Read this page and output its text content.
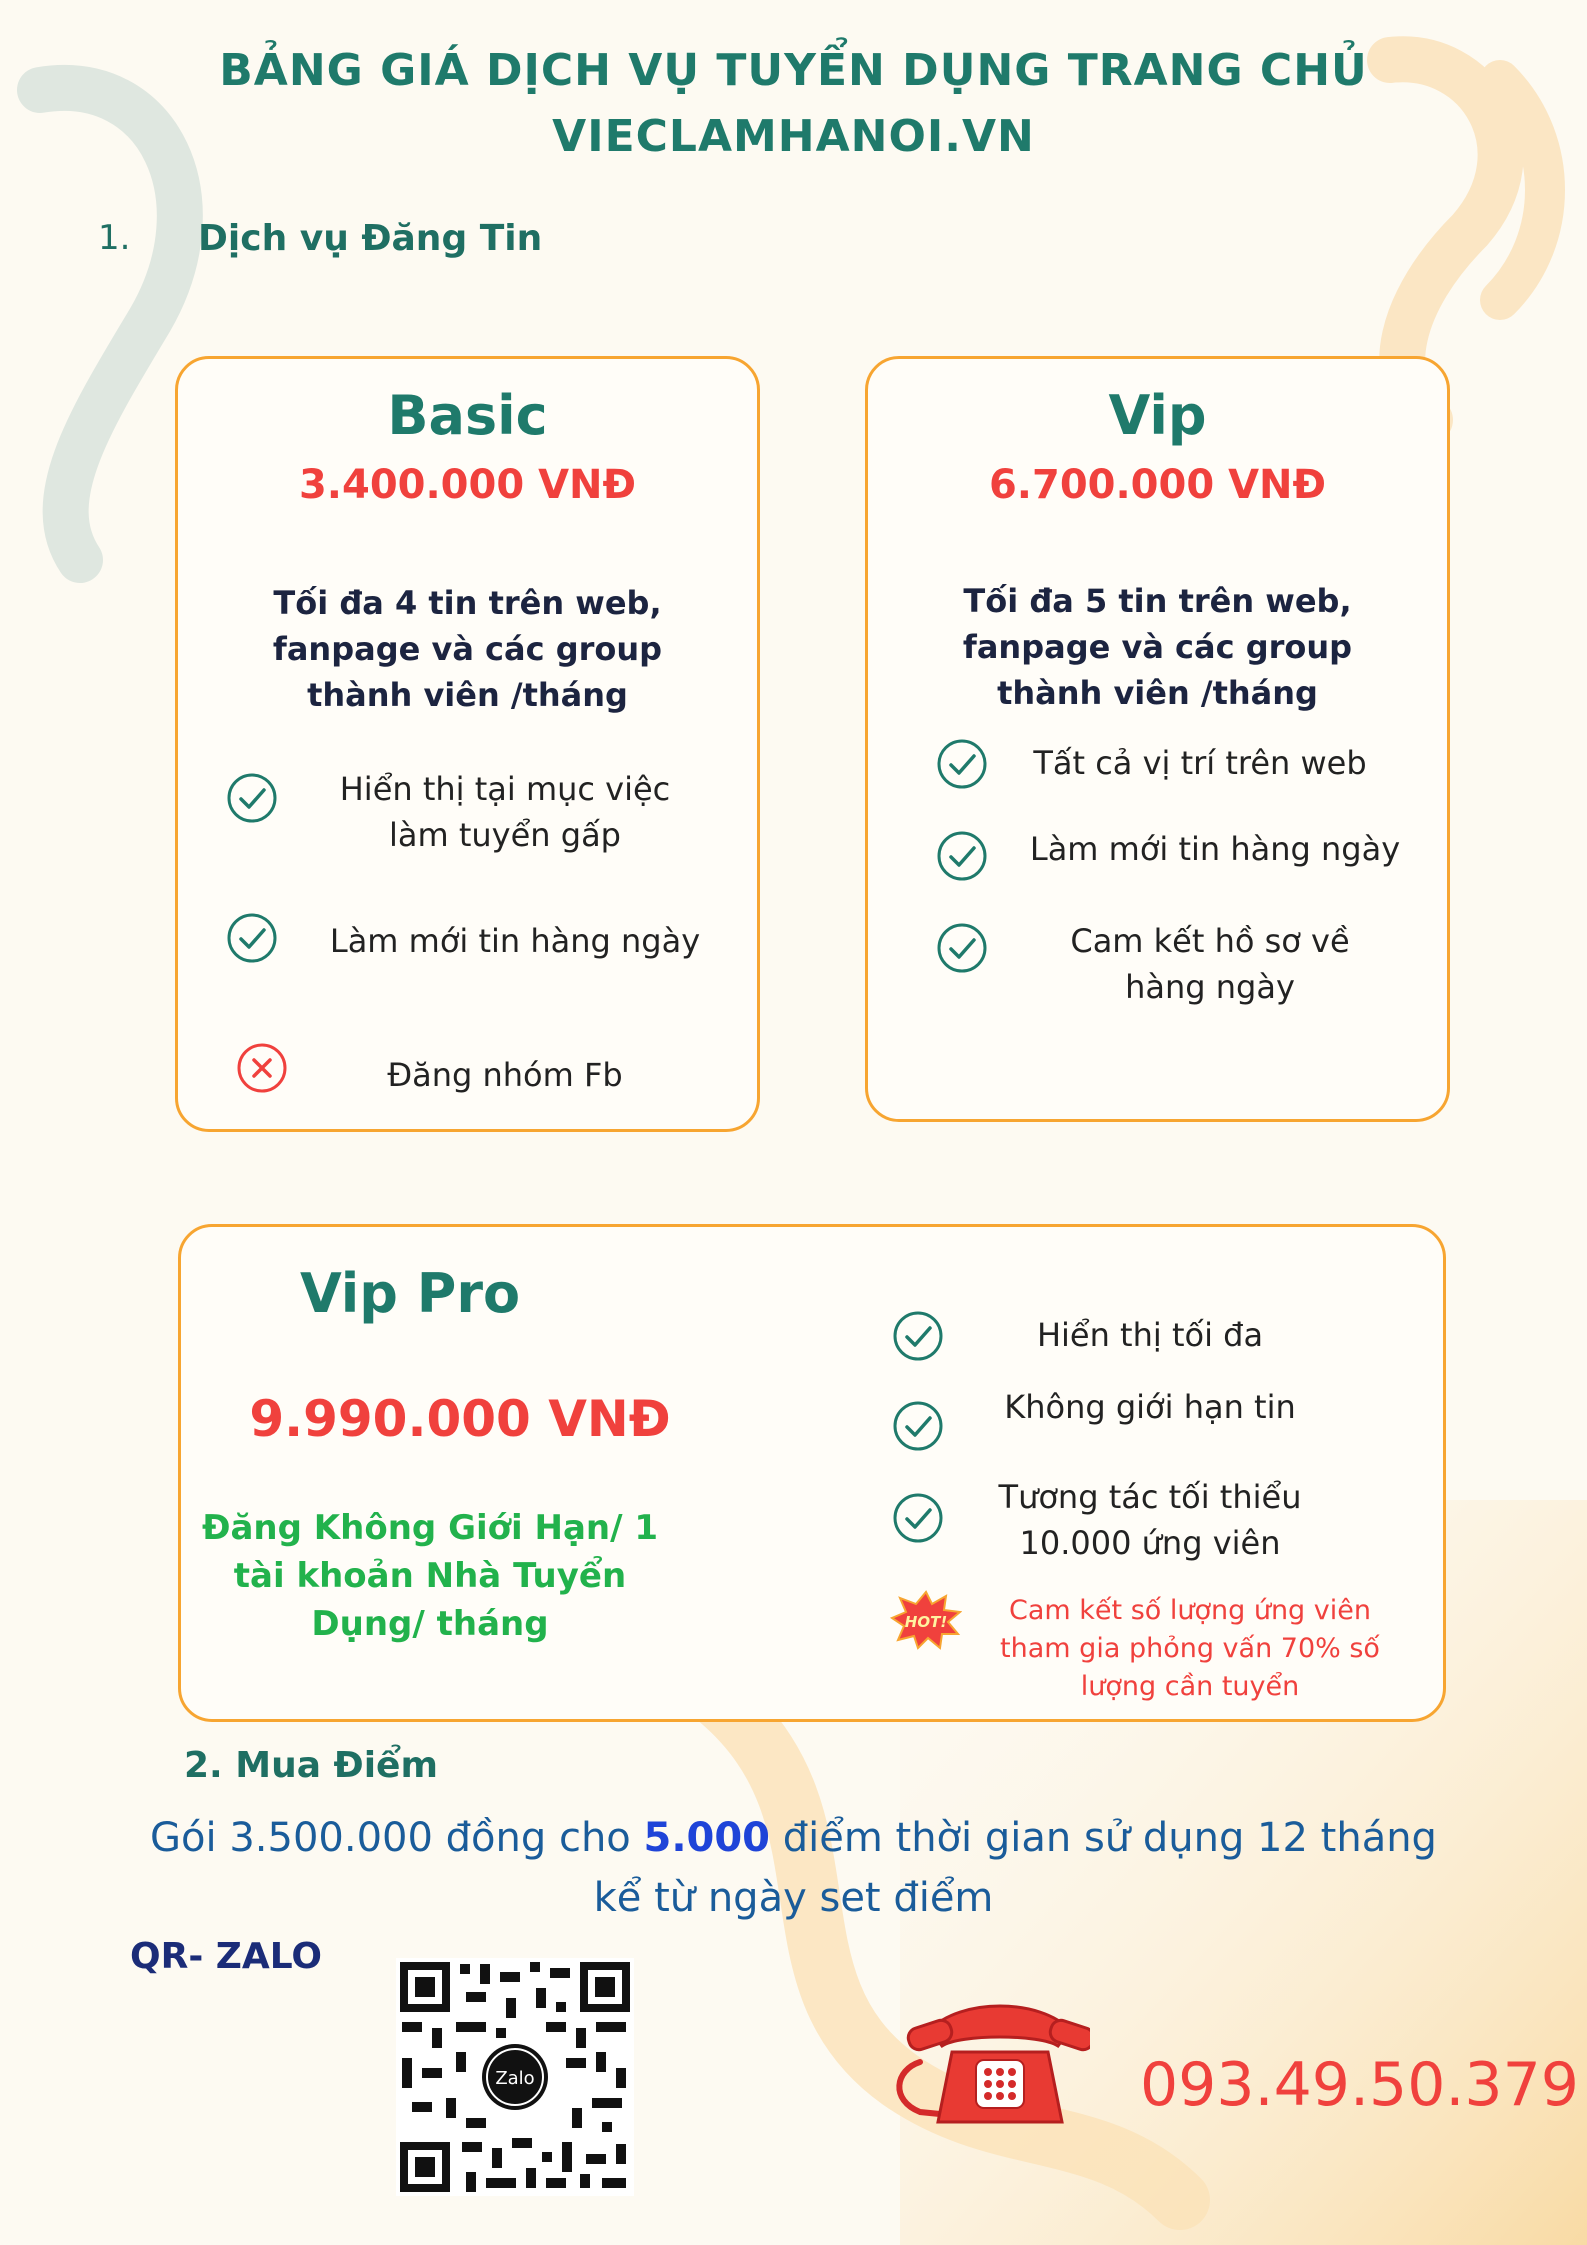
BẢNG GIÁ DỊCH VỤ TUYỂN DỤNG TRANG CHỦ
VIECLAMHANOI.VN
1. Dịch vụ Đăng Tin
Basic
3.400.000 VNĐ
Tối đa 4 tin trên web,
fanpage và các group
thành viên /tháng
Hiển thị tại mục việc
làm tuyển gấp
Làm mới tin hàng ngày
Đăng nhóm Fb
Vip
6.700.000 VNĐ
Tối đa 5 tin trên web,
fanpage và các group
thành viên /tháng
Tất cả vị trí trên web
Làm mới tin hàng ngày
Cam kết hồ sơ về
hàng ngày
Vip Pro
9.990.000 VNĐ
Đăng Không Giới Hạn/ 1
tài khoản Nhà Tuyển
Dụng/ tháng
Hiển thị tối đa
Không giới hạn tin
Tương tác tối thiểu
10.000 ứng viên
HOT!	Cam kết số lượng ứng viên
tham gia phỏng vấn 70% số
lượng cần tuyển
2. Mua Điểm
Gói 3.500.000 đồng cho 5.000 điểm thời gian sử dụng 12 tháng
kể từ ngày set điểm
QR- ZALO
Zalo	093.49.50.379
